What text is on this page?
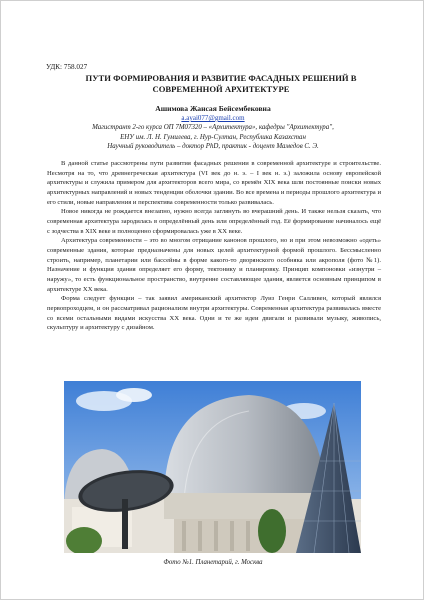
УДК: 758.027
ПУТИ ФОРМИРОВАНИЯ И РАЗВИТИЕ ФАСАДНЫХ РЕШЕНИЙ В СОВРЕМЕННОЙ АРХИТЕКТУРЕ
Ашимова Жансая Бейсембековна
a.ayai077@gmail.com
Магистрант 2-го курса ОП 7М07320 – «Архитектура», кафедры "Архитектура",
ЕНУ им. Л. Н. Гумилева, г. Нур-Султан, Республика Казахстан
Научный руководитель – доктор PhD, практик - доцент Мамедов С. Э.

В данной статье рассмотрены пути развития фасадных решении в современной архитектуре и строительстве. Несмотря на то, что древнегреческая архитектура (VI век до н. э. – I век н. э.) заложила основу европейской архитектуры и служила примером для архитекторов всего мира, со времён XIX века шли постоянные поиски новых архитектурных направлений и новых тенденции оболочки здании. Во все времена и периоды прошлого архитектура и его стили, новые направления и перспектива современности только развивалась.

Новое никогда не рождается внезапно, нужно всегда заглянуть во вчерашний день. И также нельзя сказать, что современная архитектура зародилась в определённый день или определённый год. Её формирование начиналось ещё с зодчества в XIX веке и полноценно сформировалась уже в XX веке.

Архитектура современности – это во многом отрицание канонов прошлого, но и при этом невозможно «одеть» современные здания, которые предназначены для новых целей архитектурной формой прошлого. Бессмысленно строить, например, планетарии или бассейны в форме какого-то дворянского особняка или акрополя (фото №1). Назначение и функция здания определяет его форму, тектонику и планировку. Принцип компоновки «изнутри – наружу», то есть функциональное пространство, внутренне составляющее здания, является основным принципом в архитектуре XX века.

Форма следует функции – так заявил американский архитектор Луиз Генри Салливен, который являлся первопроходцем, и он рассматривал рационализм внутри архитектуры. Современная архитектура развивалась вместе со всеми остальными видами искусства XX века. Одни и те же идеи двигали и развивали музыку, живопись, скульптуру и архитектуру с дизайном.

Фото №1. Планетарий, г. Москва
